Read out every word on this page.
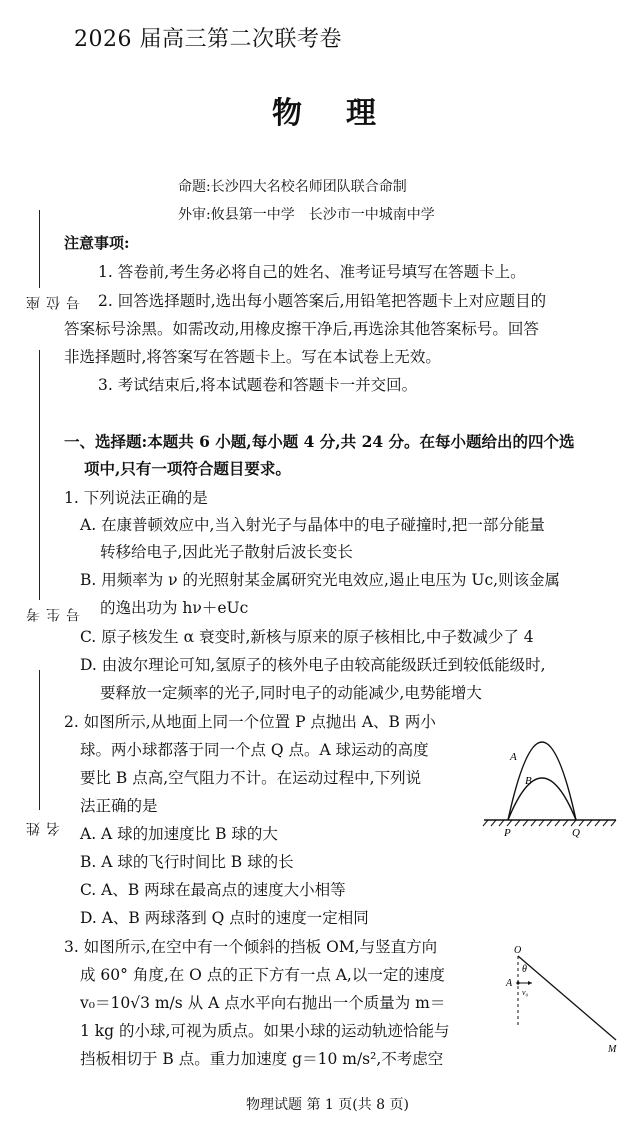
2026 届高三第二次联考卷
物理
命题:长沙四大名校名师团队联合命制
外审:攸县第一中学　长沙市一中城南中学
座位号
考生号
姓名
注意事项:
1. 答卷前,考生务必将自己的姓名、准考证号填写在答题卡上。
2. 回答选择题时,选出每小题答案后,用铅笔把答题卡上对应题目的
答案标号涂黑。如需改动,用橡皮擦干净后,再选涂其他答案标号。回答
非选择题时,将答案写在答题卡上。写在本试卷上无效。
3. 考试结束后,将本试题卷和答题卡一并交回。
一、选择题:本题共 6 小题,每小题 4 分,共 24 分。在每小题给出的四个选
项中,只有一项符合题目要求。
1. 下列说法正确的是
A. 在康普顿效应中,当入射光子与晶体中的电子碰撞时,把一部分能量
转移给电子,因此光子散射后波长变长
B. 用频率为 ν 的光照射某金属研究光电效应,遏止电压为 Uc,则该金属
的逸出功为 hν＋eUc
C. 原子核发生 α 衰变时,新核与原来的原子核相比,中子数减少了 4
D. 由波尔理论可知,氢原子的核外电子由较高能级跃迁到较低能级时,
要释放一定频率的光子,同时电子的动能减少,电势能增大
2. 如图所示,从地面上同一个位置 P 点抛出 A、B 两小
球。两小球都落于同一个点 Q 点。A 球运动的高度
要比 B 点高,空气阻力不计。在运动过程中,下列说
法正确的是
A. A 球的加速度比 B 球的大
B. A 球的飞行时间比 B 球的长
C. A、B 两球在最高点的速度大小相等
D. A、B 两球落到 Q 点时的速度一定相同
A
B
P	Q
3. 如图所示,在空中有一个倾斜的挡板 OM,与竖直方向
成 60° 角度,在 O 点的正下方有一点 A,以一定的速度
v₀＝10√3 m/s 从 A 点水平向右抛出一个质量为 m＝
1 kg 的小球,可视为质点。如果小球的运动轨迹恰能与
挡板相切于 B 点。重力加速度 g＝10 m/s²,不考虑空
O
θ
A
v₀
M
物理试题 第 1 页(共 8 页)
